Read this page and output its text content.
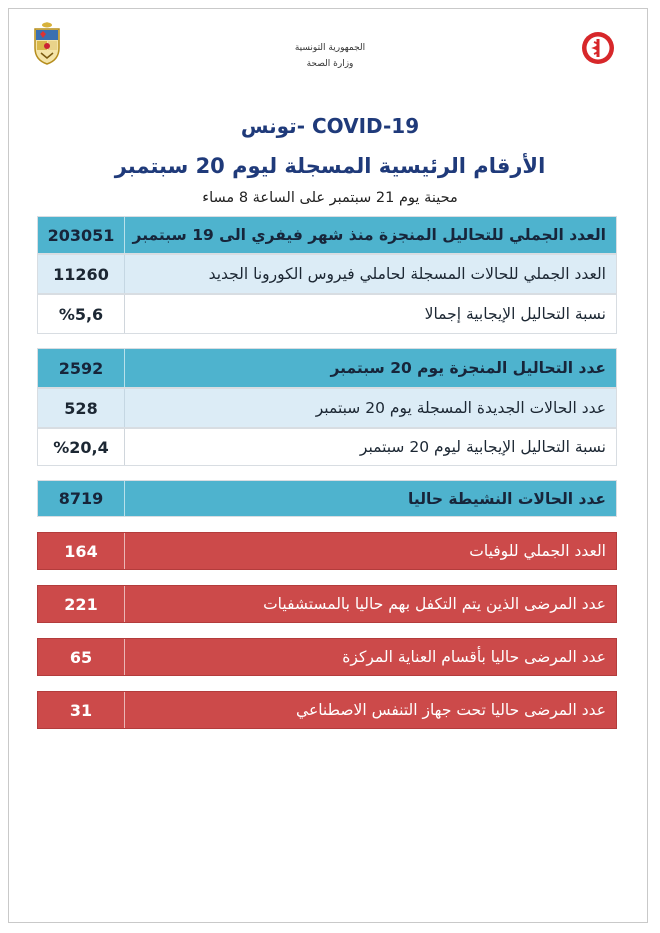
الجمهورية التونسية
وزارة الصحة
COVID-19 -تونس
الأرقام الرئيسية المسجلة ليوم 20 سبتمبر
محينة يوم 21 سبتمبر على الساعة 8 مساء
203051	العدد الجملي للتحاليل المنجزة منذ شهر فيفري الى 19 سبتمبر
11260	العدد الجملي للحالات المسجلة لحاملي فيروس الكورونا الجديد
%5,6	نسبة التحاليل الإيجابية إجمالا
2592	عدد التحاليل المنجزة يوم 20 سبتمبر
528	عدد الحالات الجديدة المسجلة يوم 20 سبتمبر
%20,4	نسبة التحاليل الإيجابية ليوم 20 سبتمبر
8719	عدد الحالات النشيطة حاليا
164	العدد الجملي للوفيات
221	عدد المرضى الذين يتم التكفل بهم حاليا بالمستشفيات
65	عدد المرضى حاليا بأقسام العناية المركزة
31	عدد المرضى حاليا تحت جهاز التنفس الاصطناعي
